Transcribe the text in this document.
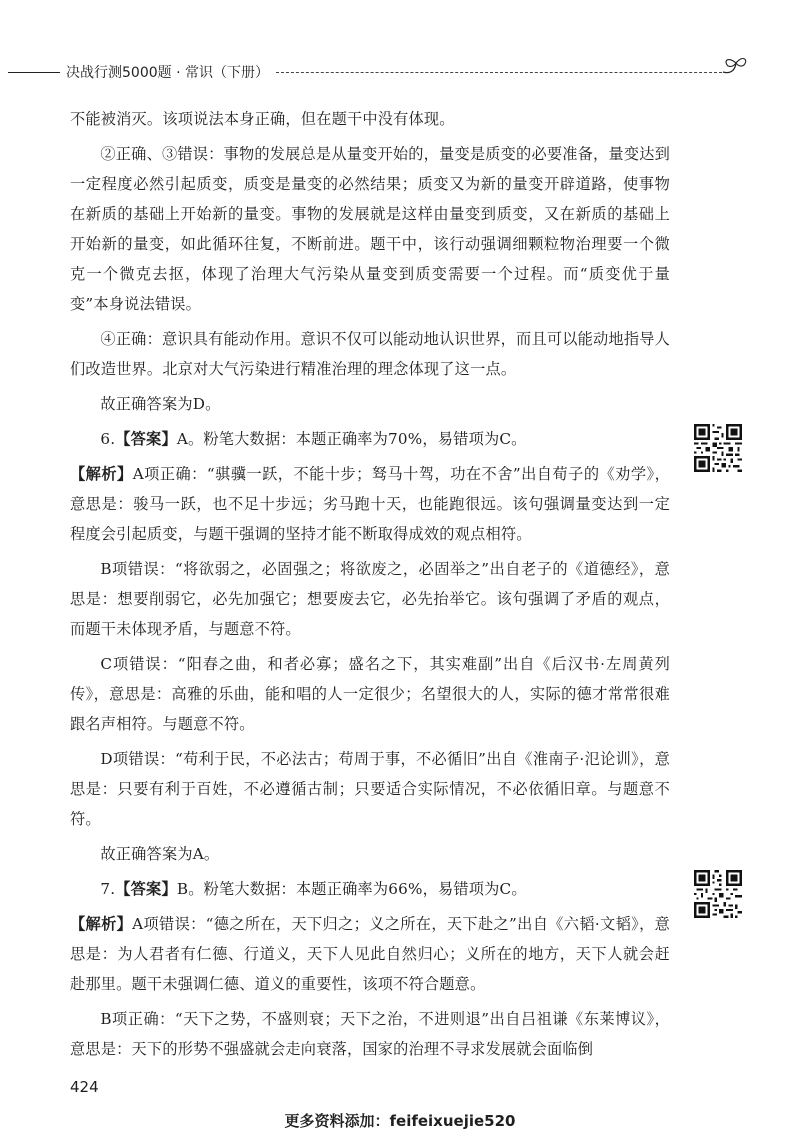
决战行测5000题 · 常识（下册）

不能被消灭。该项说法本身正确，但在题干中没有体现。

②正确、③错误：事物的发展总是从量变开始的，量变是质变的必要准备，量变达到一定程度必然引起质变，质变是量变的必然结果；质变又为新的量变开辟道路，使事物在新质的基础上开始新的量变。事物的发展就是这样由量变到质变，又在新质的基础上开始新的量变，如此循环往复，不断前进。题干中，该行动强调细颗粒物治理要一个微克一个微克去抠，体现了治理大气污染从量变到质变需要一个过程。而“质变优于量变”本身说法错误。

④正确：意识具有能动作用。意识不仅可以能动地认识世界，而且可以能动地指导人们改造世界。北京对大气污染进行精准治理的理念体现了这一点。

故正确答案为D。

6.【答案】A。粉笔大数据：本题正确率为70%，易错项为C。

【解析】A项正确：“骐骥一跃，不能十步；驽马十驾，功在不舍”出自荀子的《劝学》，意思是：骏马一跃，也不足十步远；劣马跑十天，也能跑很远。该句强调量变达到一定程度会引起质变，与题干强调的坚持才能不断取得成效的观点相符。

B项错误：“将欲弱之，必固强之；将欲废之，必固举之”出自老子的《道德经》，意思是：想要削弱它，必先加强它；想要废去它，必先抬举它。该句强调了矛盾的观点，而题干未体现矛盾，与题意不符。

C项错误：“阳春之曲，和者必寡；盛名之下，其实难副”出自《后汉书·左周黄列传》，意思是：高雅的乐曲，能和唱的人一定很少；名望很大的人，实际的德才常常很难跟名声相符。与题意不符。

D项错误：“苟利于民，不必法古；苟周于事，不必循旧”出自《淮南子·氾论训》，意思是：只要有利于百姓，不必遵循古制；只要适合实际情况，不必依循旧章。与题意不符。

故正确答案为A。

7.【答案】B。粉笔大数据：本题正确率为66%，易错项为C。

【解析】A项错误：“德之所在，天下归之；义之所在，天下赴之”出自《六韬·文韬》，意思是：为人君者有仁德、行道义，天下人见此自然归心；义所在的地方，天下人就会赶赴那里。题干未强调仁德、道义的重要性，该项不符合题意。

B项正确：“天下之势，不盛则衰；天下之治，不进则退”出自吕祖谦《东莱博议》，意思是：天下的形势不强盛就会走向衰落，国家的治理不寻求发展就会面临倒

424
更多资料添加：feifeixuejie520
